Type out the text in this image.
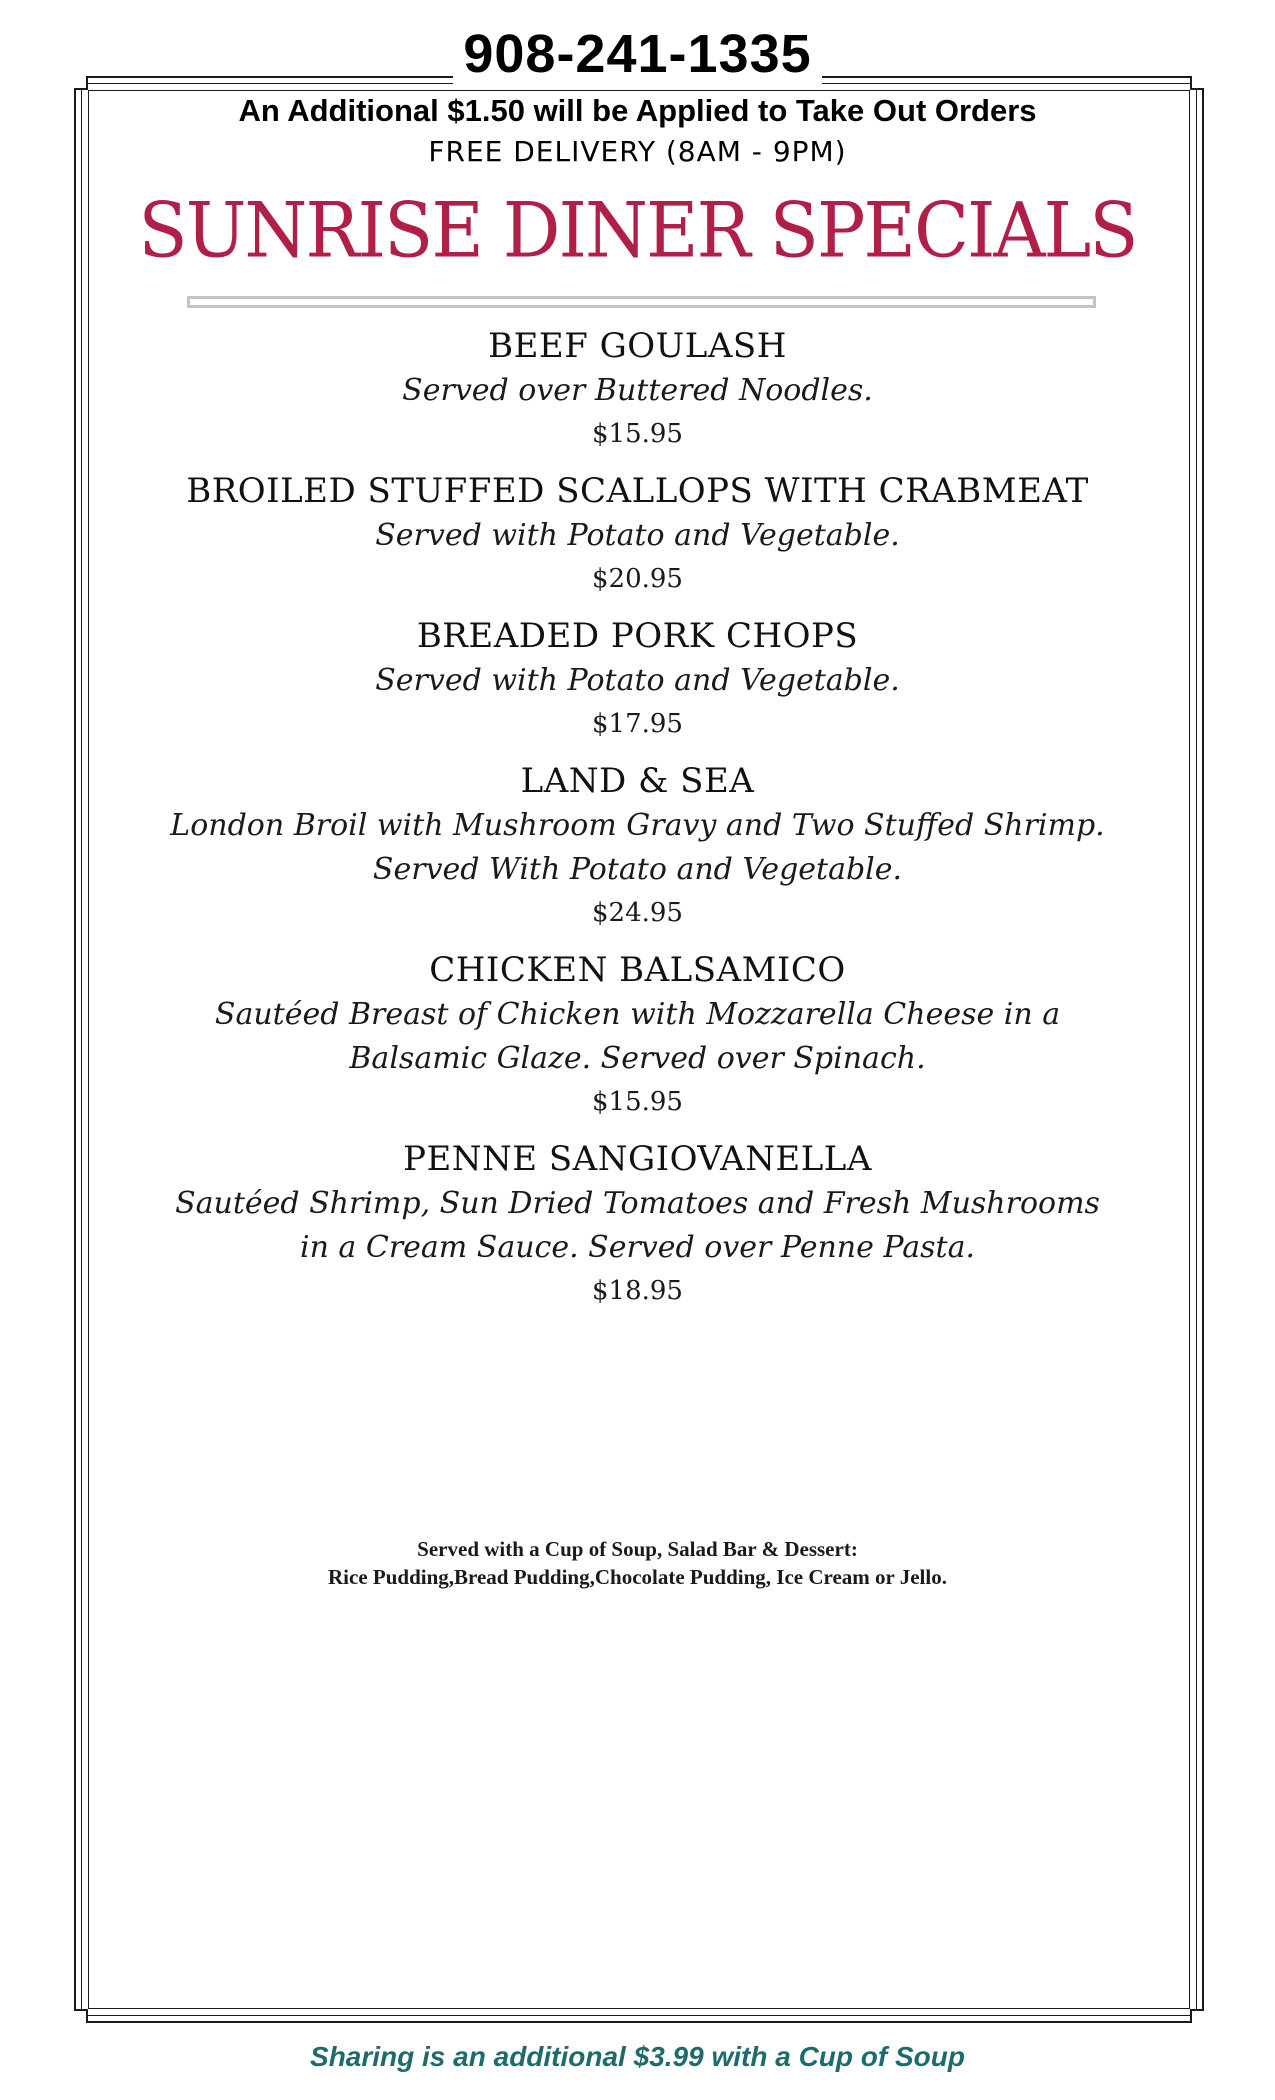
908-241-1335
An Additional $1.50 will be Applied to Take Out Orders
FREE DELIVERY (8AM - 9PM)
SUNRISE DINER SPECIALS
BEEF GOULASH
Served over Buttered Noodles.
$15.95
BROILED STUFFED SCALLOPS WITH CRABMEAT
Served with Potato and Vegetable.
$20.95
BREADED PORK CHOPS
Served with Potato and Vegetable.
$17.95
LAND & SEA
London Broil with Mushroom Gravy and Two Stuffed Shrimp. Served With Potato and Vegetable.
$24.95
CHICKEN BALSAMICO
Sautéed Breast of Chicken with Mozzarella Cheese in a Balsamic Glaze. Served over Spinach.
$15.95
PENNE SANGIOVANELLA
Sautéed Shrimp, Sun Dried Tomatoes and Fresh Mushrooms in a Cream Sauce. Served over Penne Pasta.
$18.95
Served with a Cup of Soup, Salad Bar & Dessert:
Rice Pudding,Bread Pudding,Chocolate Pudding, Ice Cream or Jello.
Sharing is an additional $3.99 with a Cup of Soup
